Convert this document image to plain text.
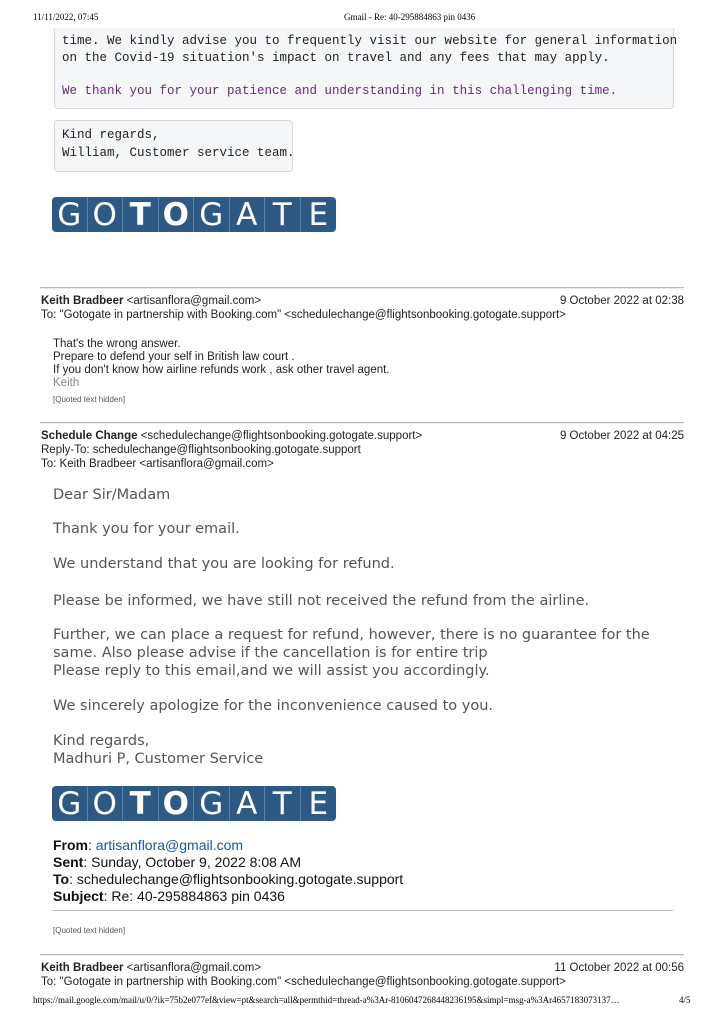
11/11/2022, 07:45	Gmail - Re: 40-295884863 pin 0436
time. We kindly advise you to frequently visit our website for general information
on the Covid-19 situation's impact on travel and any fees that may apply.
We thank you for your patience and understanding in this challenging time.
Kind regards,
William, Customer service team.
G O T O G A T E
Keith Bradbeer <artisanflora@gmail.com>	9 October 2022 at 02:38
To: "Gotogate in partnership with Booking.com" <schedulechange@flightsonbooking.gotogate.support>
That's the wrong answer.
Prepare to defend your self in British law court .
If you don't know how airline refunds work , ask other travel agent.
Keith
[Quoted text hidden]
Schedule Change <schedulechange@flightsonbooking.gotogate.support>	9 October 2022 at 04:25
Reply-To: schedulechange@flightsonbooking.gotogate.support
To: Keith Bradbeer <artisanflora@gmail.com>
Dear Sir/Madam
Thank you for your email.
We understand that you are looking for refund.
Please be informed, we have still not received the refund from the airline.
Further, we can place a request for refund, however, there is no guarantee for the
same. Also please advise if the cancellation is for entire trip
Please reply to this email,and we will assist you accordingly.
We sincerely apologize for the inconvenience caused to you.
Kind regards,
Madhuri P, Customer Service
G O T O G A T E
From: artisanflora@gmail.com
Sent: Sunday, October 9, 2022 8:08 AM
To: schedulechange@flightsonbooking.gotogate.support
Subject: Re: 40-295884863 pin 0436
[Quoted text hidden]
Keith Bradbeer <artisanflora@gmail.com>	11 October 2022 at 00:56
To: "Gotogate in partnership with Booking.com" <schedulechange@flightsonbooking.gotogate.support>
https://mail.google.com/mail/u/0/?ik=75b2e077ef&view=pt&search=all&permthid=thread-a%3Ar-8106047268448236195&simpl=msg-a%3Ar4657183073137…	4/5
